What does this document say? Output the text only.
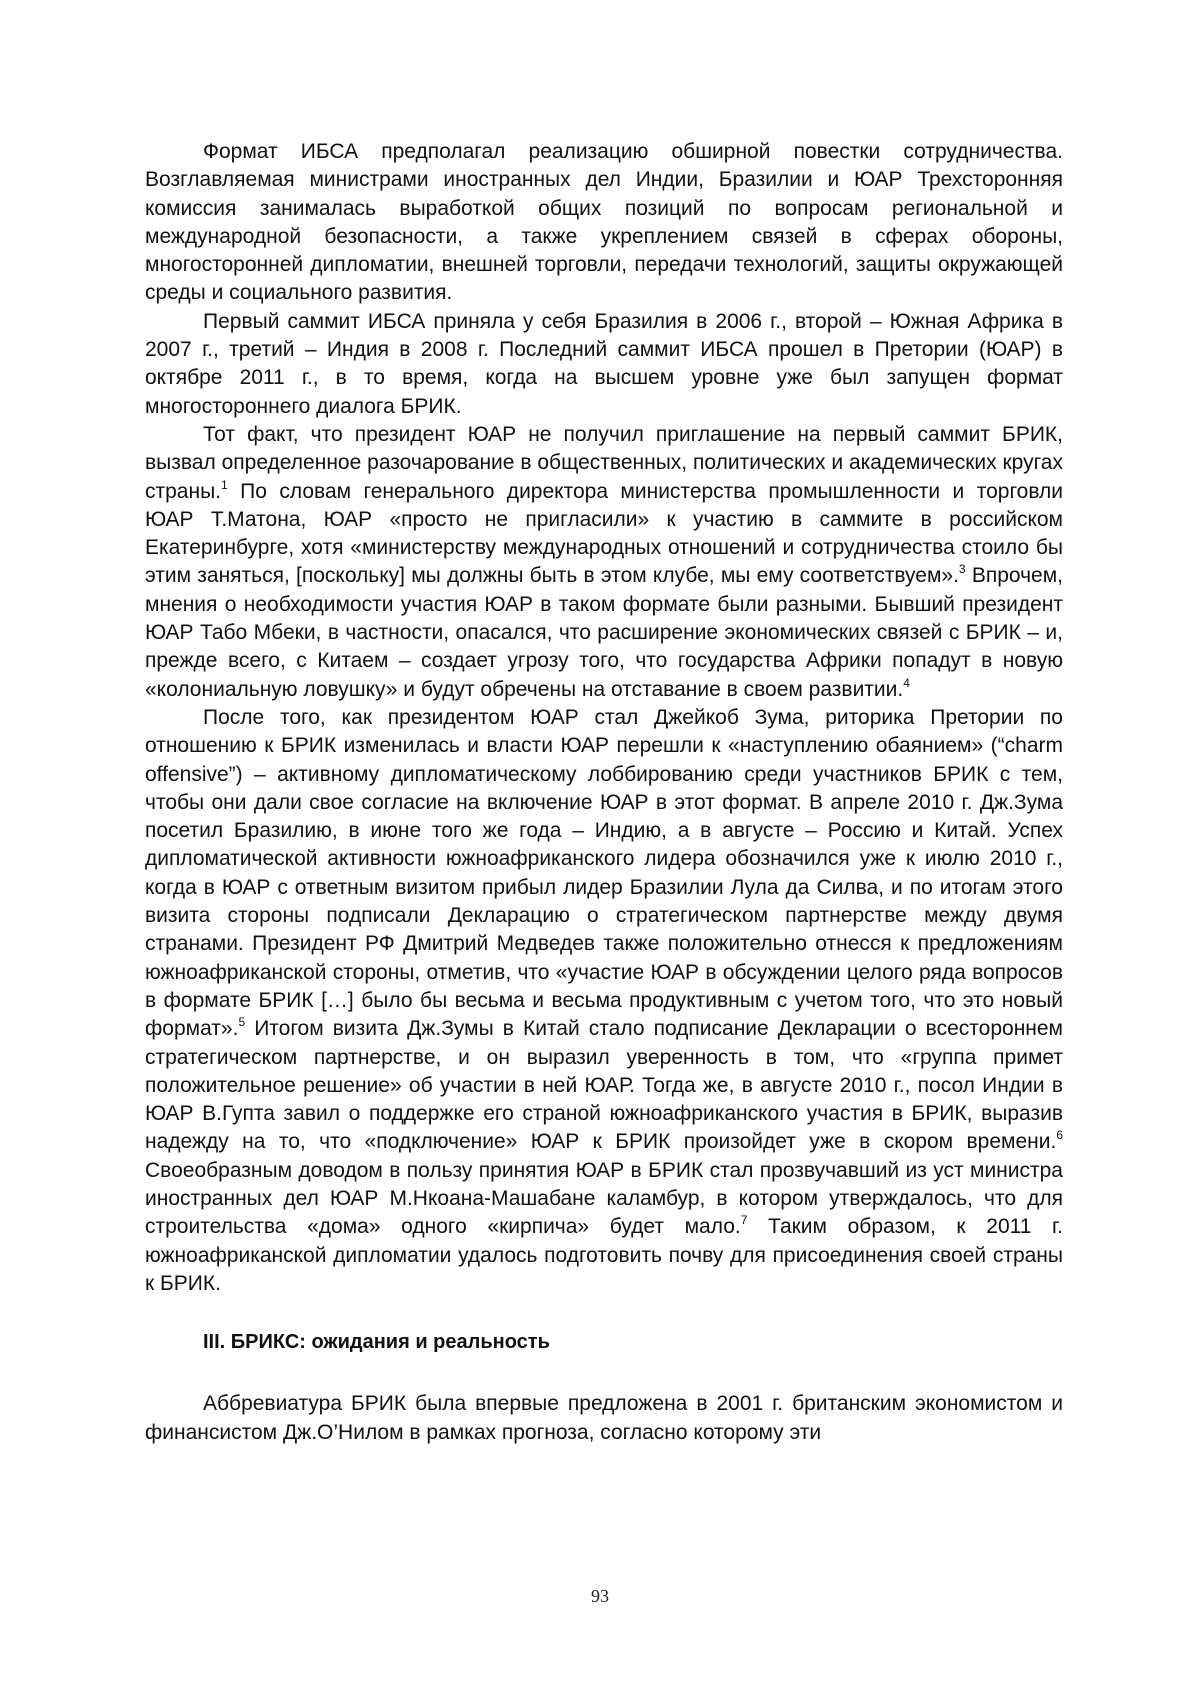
Формат ИБСА предполагал реализацию обширной повестки сотрудничества. Возглавляемая министрами иностранных дел Индии, Бразилии и ЮАР Трехсторонняя комиссия занималась выработкой общих позиций по вопросам региональной и международной безопасности, а также укреплением связей в сферах обороны, многосторонней дипломатии, внешней торговли, передачи технологий, защиты окружающей среды и социального развития.

Первый саммит ИБСА приняла у себя Бразилия в 2006 г., второй – Южная Африка в 2007 г., третий – Индия в 2008 г. Последний саммит ИБСА прошел в Претории (ЮАР) в октябре 2011 г., в то время, когда на высшем уровне уже был запущен формат многостороннего диалога БРИК.

Тот факт, что президент ЮАР не получил приглашение на первый саммит БРИК, вызвал определенное разочарование в общественных, политических и академических кругах страны.$^1$ По словам генерального директора министерства промышленности и торговли ЮАР Т.Матона, ЮАР «просто не пригласили» к участию в саммите в российском Екатеринбурге, хотя «министерству международных отношений и сотрудничества стоило бы этим заняться, [поскольку] мы должны быть в этом клубе, мы ему соответствуем».$^3$ Впрочем, мнения о необходимости участия ЮАР в таком формате были разными. Бывший президент ЮАР Табо Мбеки, в частности, опасался, что расширение экономических связей с БРИК – и, прежде всего, с Китаем – создает угрозу того, что государства Африки попадут в новую «колониальную ловушку» и будут обречены на отставание в своем развитии.$^4$

После того, как президентом ЮАР стал Джейкоб Зума, риторика Претории по отношению к БРИК изменилась и власти ЮАР перешли к «наступлению обаянием» (“charm offensive”) – активному дипломатическому лоббированию среди участников БРИК с тем, чтобы они дали свое согласие на включение ЮАР в этот формат. В апреле 2010 г. Дж.Зума посетил Бразилию, в июне того же года – Индию, а в августе – Россию и Китай. Успех дипломатической активности южноафриканского лидера обозначился уже к июлю 2010 г., когда в ЮАР с ответным визитом прибыл лидер Бразилии Лула да Силва, и по итогам этого визита стороны подписали Декларацию о стратегическом партнерстве между двумя странами. Президент РФ Дмитрий Медведев также положительно отнесся к предложениям южноафриканской стороны, отметив, что «участие ЮАР в обсуждении целого ряда вопросов в формате БРИК […] было бы весьма и весьма продуктивным с учетом того, что это новый формат».$^5$ Итогом визита Дж.Зумы в Китай стало подписание Декларации о всестороннем стратегическом партнерстве, и он выразил уверенность в том, что «группа примет положительное решение» об участии в ней ЮАР. Тогда же, в августе 2010 г., посол Индии в ЮАР В.Гупта завил о поддержке его страной южноафриканского участия в БРИК, выразив надежду на то, что «подключение» ЮАР к БРИК произойдет уже в скором времени.$^6$ Своеобразным доводом в пользу принятия ЮАР в БРИК стал прозвучавший из уст министра иностранных дел ЮАР М.Нкоана-Машабане каламбур, в котором утверждалось, что для строительства «дома» одного «кирпича» будет мало.$^7$ Таким образом, к 2011 г. южноафриканской дипломатии удалось подготовить почву для присоединения своей страны к БРИК.

III. БРИКС: ожидания и реальность

Аббревиатура БРИК была впервые предложена в 2001 г. британским экономистом и финансистом Дж.О’Нилом в рамках прогноза, согласно которому эти

93
